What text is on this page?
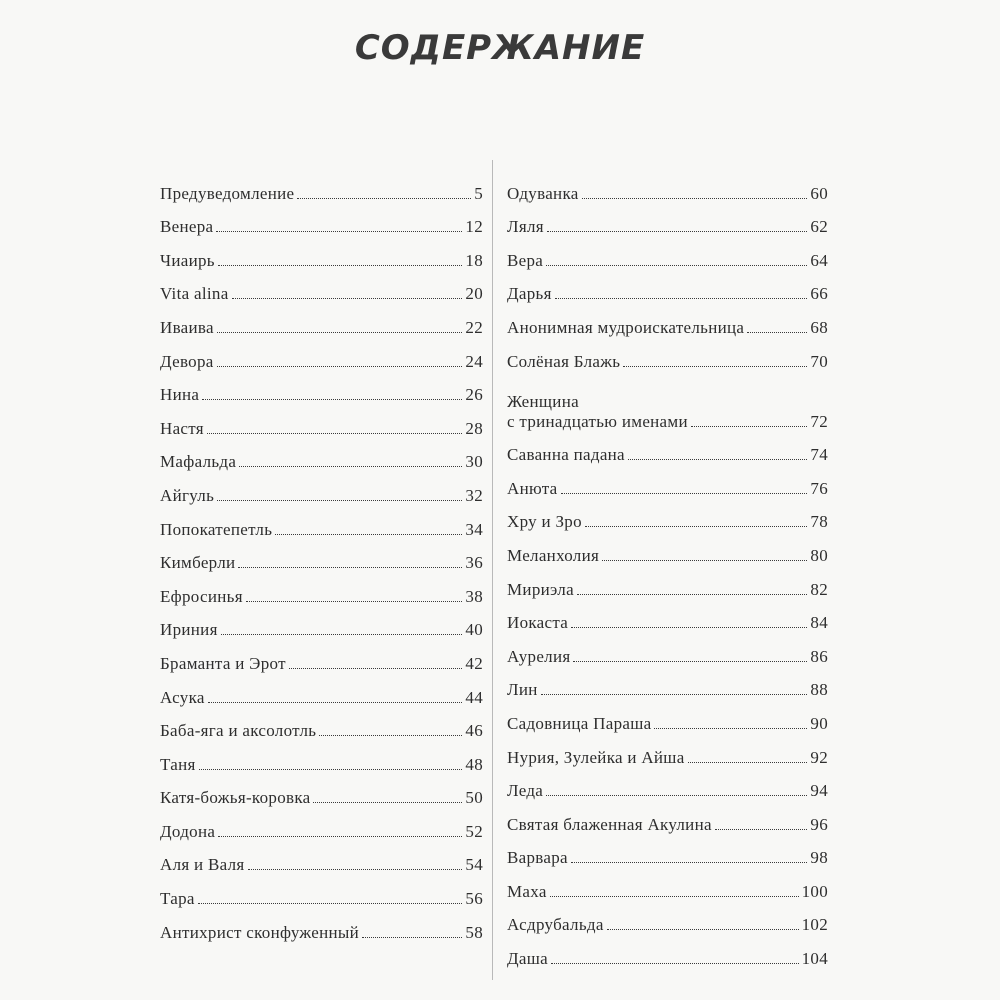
СОДЕРЖАНИЕ
Предуведомление	5
Венера	12
Чиаирь	18
Vita alina	20
Иваива	22
Девора	24
Нина	26
Настя	28
Мафальда	30
Айгуль	32
Попокатепетль	34
Кимберли	36
Ефросинья	38
Ириния	40
Браманта и Эрот	42
Асука	44
Баба-яга и аксолотль	46
Таня	48
Катя-божья-коровка	50
Додона	52
Аля и Валя	54
Тара	56
Антихрист сконфуженный	58
Одуванка	60
Ляля	62
Вера	64
Дарья	66
Анонимная мудроискательница	68
Солёная Блажь	70
Женщина
с тринадцатью именами	72
Саванна падана	74
Анюта	76
Хру и Зро	78
Меланхолия	80
Мириэла	82
Иокаста	84
Аурелия	86
Лин	88
Садовница Параша	90
Нурия, Зулейка и Айша	92
Леда	94
Святая блаженная Акулина	96
Варвара	98
Маха	100
Асдрубальда	102
Даша	104
